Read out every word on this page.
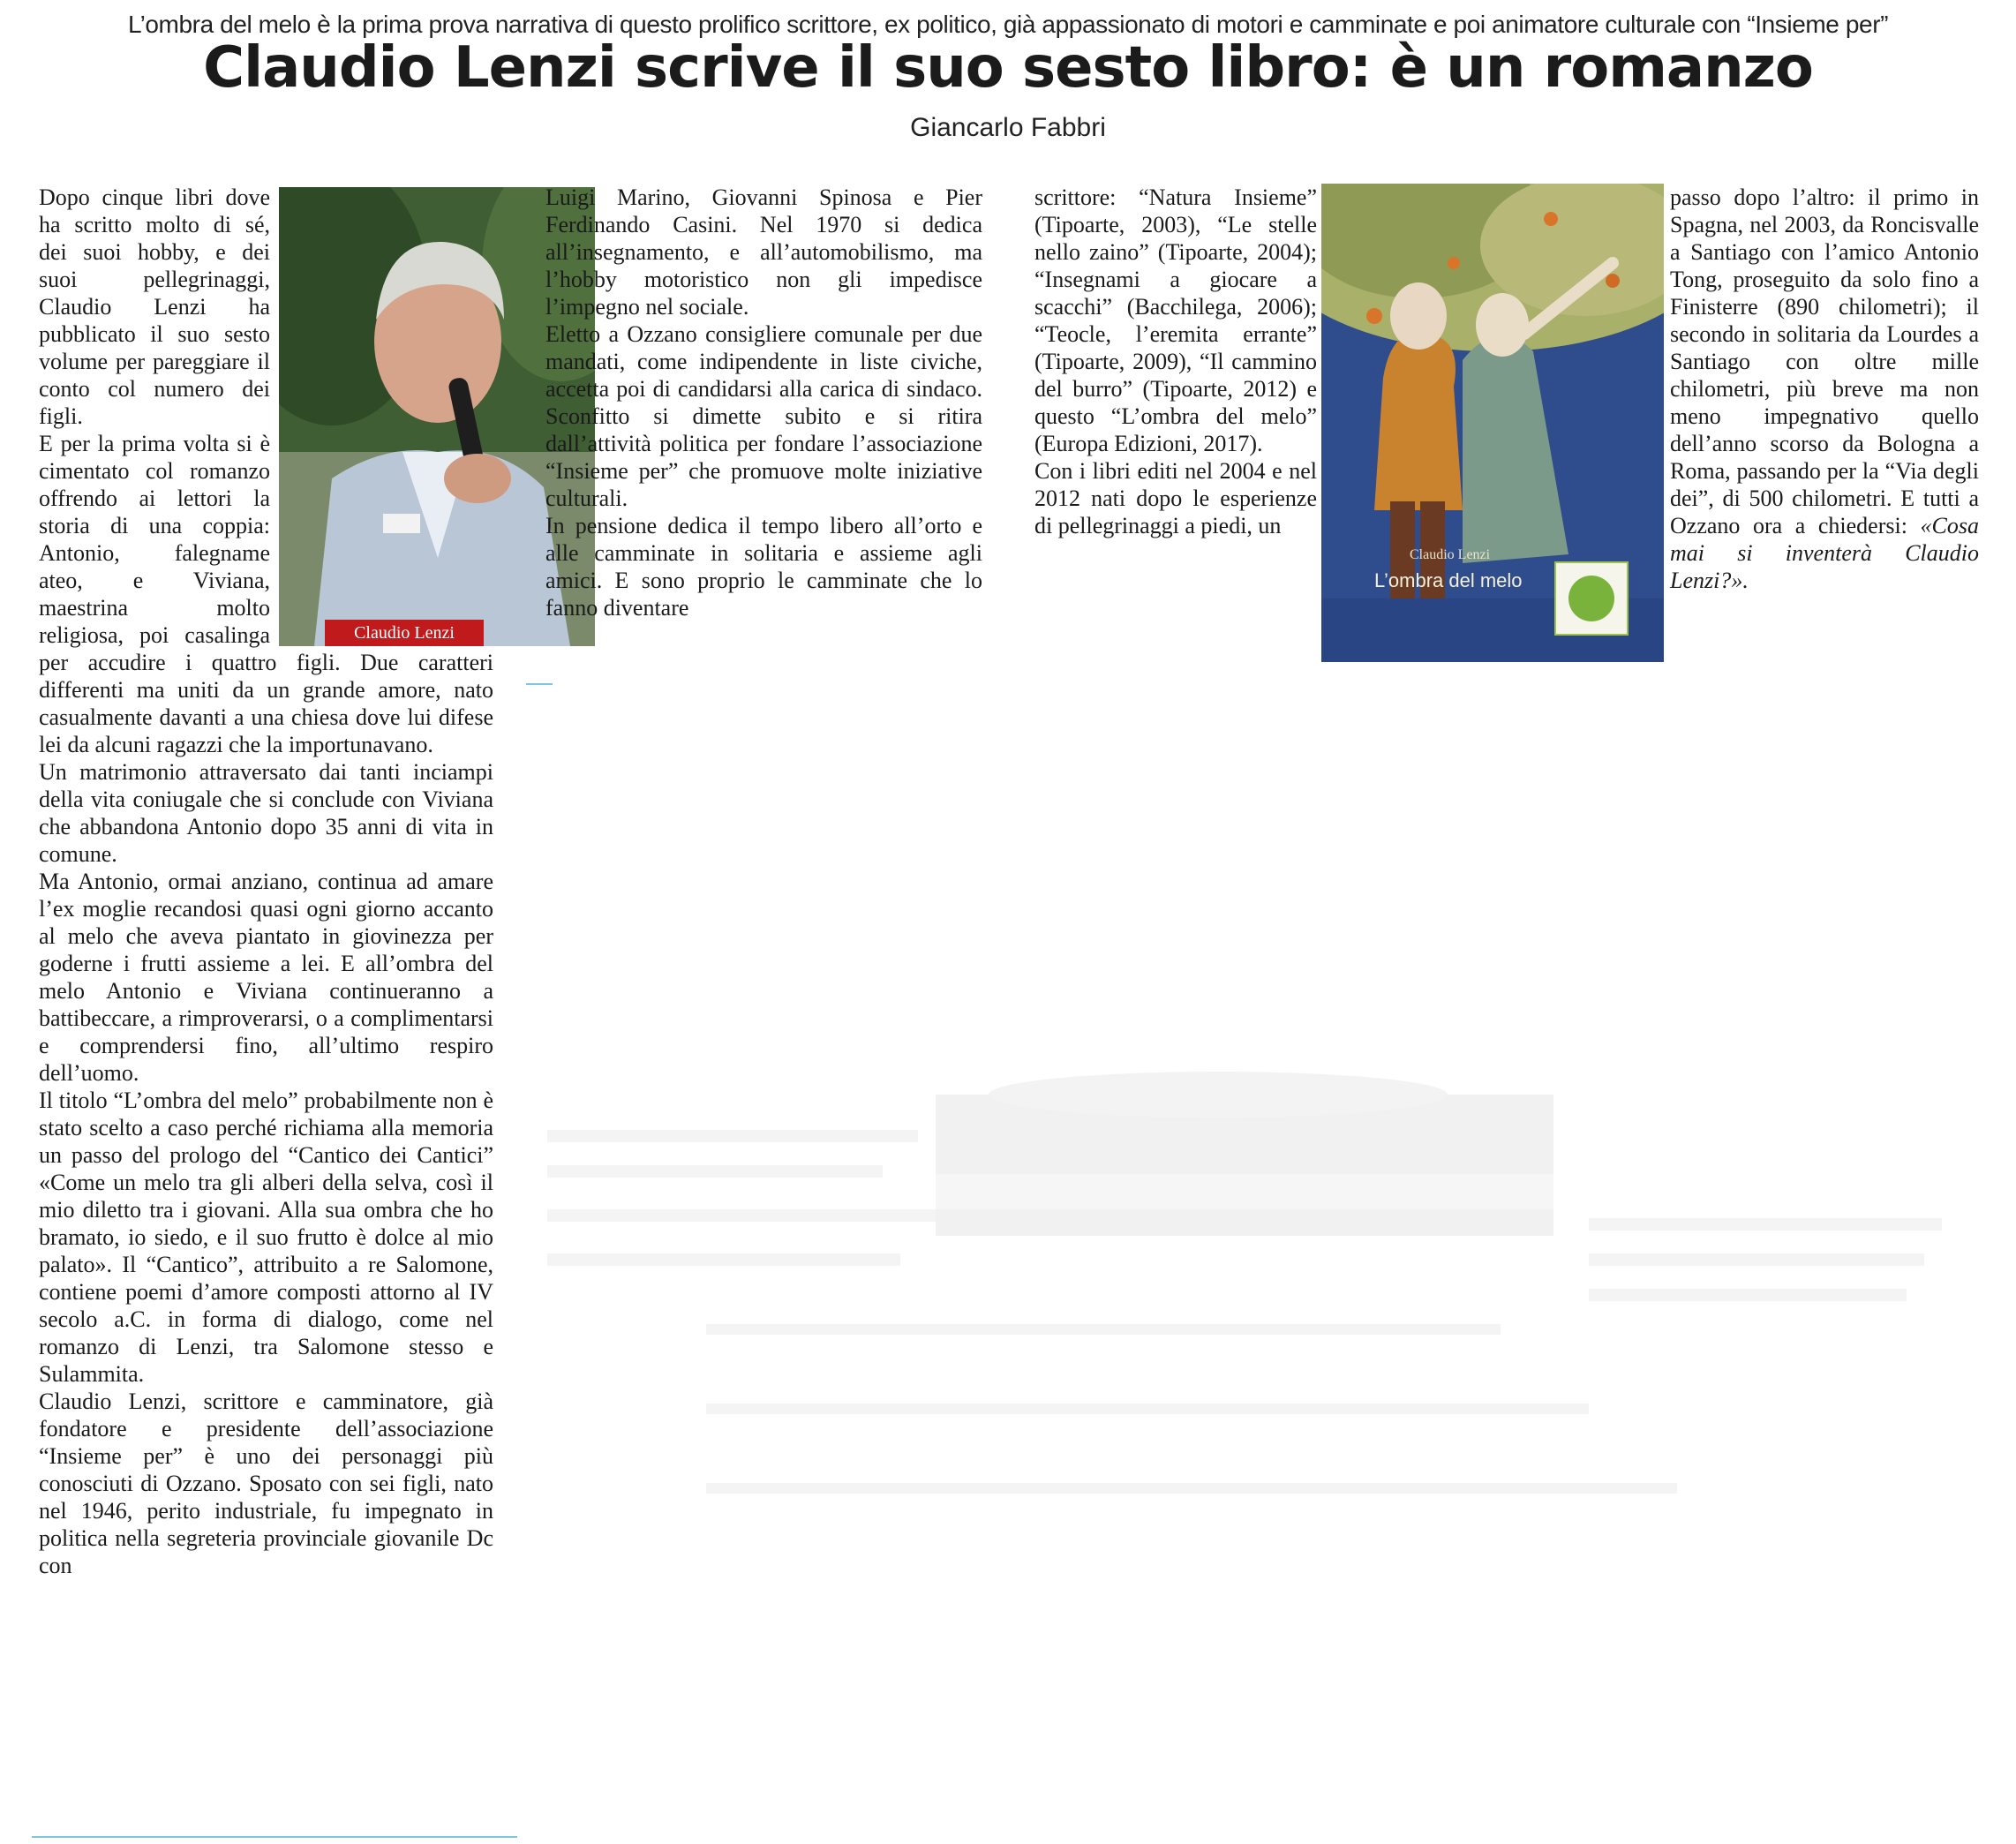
L’ombra del melo è la prima prova narrativa di questo prolifico scrittore, ex politico, già appassionato di motori e camminate e poi animatore culturale con “Insieme per”
Claudio Lenzi scrive il suo sesto libro: è un romanzo
Giancarlo Fabbri

Claudio Lenzi
Dopo cinque libri dove ha scritto molto di sé, dei suoi hobby, e dei suoi pellegrinaggi, Claudio Lenzi ha pubblicato il suo sesto volume per pareggiare il conto col numero dei figli.

E per la prima volta si è cimentato col romanzo offrendo ai lettori la storia di una coppia: Antonio, falegname ateo, e Viviana, maestrina molto religiosa, poi casalinga per accudire i quattro figli. Due caratteri differenti ma uniti da un grande amore, nato casualmente davanti a una chiesa dove lui difese lei da alcuni ragazzi che la importunavano.

Un matrimonio attraversato dai tanti inciampi della vita coniugale che si conclude con Viviana che abbandona Antonio dopo 35 anni di vita in comune.

Ma Antonio, ormai anziano, continua ad amare l’ex moglie recandosi quasi ogni giorno accanto al melo che aveva piantato in giovinezza per goderne i frutti assieme a lei. E all’ombra del melo Antonio e Viviana continueranno a battibeccare, a rimproverarsi, o a complimentarsi e comprendersi fino, all’ultimo respiro dell’uomo.

Il titolo “L’ombra del melo” probabilmente non è stato scelto a caso perché richiama alla memoria un passo del prologo del “Cantico dei Cantici” «Come un melo tra gli alberi della selva, così il mio diletto tra i giovani. Alla sua ombra che ho bramato, io siedo, e il suo frutto è dolce al mio palato». Il “Cantico”, attribuito a re Salomone, contiene poemi d’amore composti attorno al IV secolo a.C. in forma di dialogo, come nel romanzo di Lenzi, tra Salomone stesso e Sulammita.

Claudio Lenzi, scrittore e camminatore, già fondatore e presidente dell’associazione “Insieme per” è uno dei personaggi più conosciuti di Ozzano. Sposato con sei figli, nato nel 1946, perito industriale, fu impegnato in politica nella segreteria provinciale giovanile Dc con

Luigi Marino, Giovanni Spinosa e Pier Ferdinando Casini. Nel 1970 si dedica all’insegnamento, e all’automobilismo, ma l’hobby motoristico non gli impedisce l’impegno nel sociale.

Eletto a Ozzano consigliere comunale per due mandati, come indipendente in liste civiche, accetta poi di candidarsi alla carica di sindaco. Sconfitto si dimette subito e si ritira dall’attività politica per fondare l’associazione “Insieme per” che promuove molte iniziative culturali.

In pensione dedica il tempo libero all’orto e alle camminate in solitaria e assieme agli amici. E sono proprio le camminate che lo fanno diventare

scrittore: “Natura Insieme” (Tipoarte, 2003), “Le stelle nello zaino” (Tipoarte, 2004); “Insegnami a giocare a scacchi” (Bacchilega, 2006); “Teocle, l’eremita errante” (Tipoarte, 2009), “Il cammino del burro” (Tipoarte, 2012) e questo “L’ombra del melo” (Europa Edizioni, 2017).

Con i libri editi nel 2004 e nel 2012 nati dopo le esperienze di pellegrinaggi a piedi, un

Claudio Lenzi
L’ombra del melo

passo dopo l’altro: il primo in Spagna, nel 2003, da Roncisvalle a Santiago con l’amico Antonio Tong, proseguito da solo fino a Finisterre (890 chilometri); il secondo in solitaria da Lourdes a Santiago con oltre mille chilometri, più breve ma non meno impegnativo quello dell’anno scorso da Bologna a Roma, passando per la “Via degli dei”, di 500 chilometri. E tutti a Ozzano ora a chiedersi: «Cosa mai si inventerà Claudio Lenzi?».
